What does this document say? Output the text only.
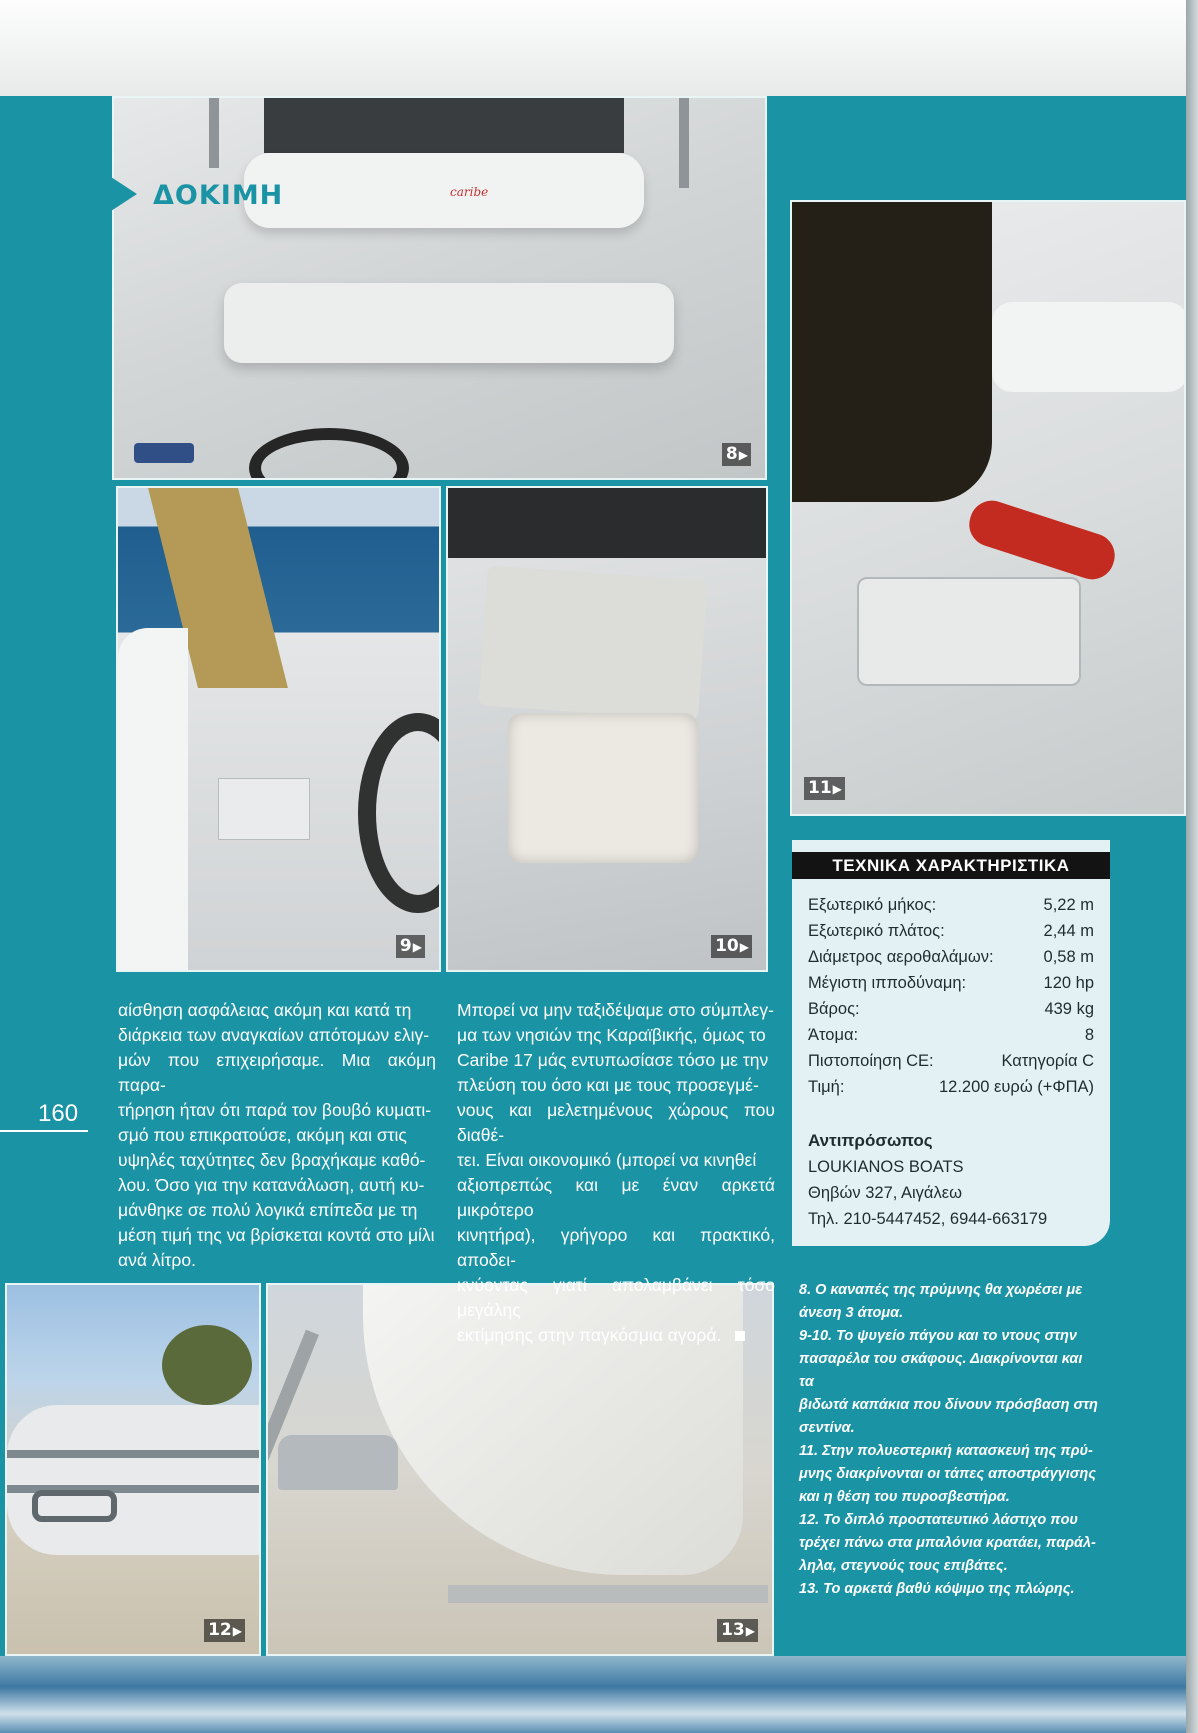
8 ▶
caribe
ΔΟΚΙΜΗ
9 ▶	10 ▶
11 ▶
12 ▶	13 ▶
αίσθηση ασφάλειας ακόμη και κατά τη
διάρκεια των αναγκαίων απότομων ελιγ-
μών που επιχειρήσαμε. Μια ακόμη παρα-
τήρηση ήταν ότι παρά τον βουβό κυματι-
σμό που επικρατούσε, ακόμη και στις
υψηλές ταχύτητες δεν βραχήκαμε καθό-
λου. Όσο για την κατανάλωση, αυτή κυ-
μάνθηκε σε πολύ λογικά επίπεδα με τη
μέση τιμή της να βρίσκεται κοντά στο μίλι
ανά λίτρο.
Μπορεί να μην ταξιδέψαμε στο σύμπλεγ-
μα των νησιών της Καραϊβικής, όμως το
Caribe 17 μάς εντυπωσίασε τόσο με την
πλεύση του όσο και με τους προσεγμέ-
νους και μελετημένους χώρους που διαθέ-
τει. Είναι οικονομικό (μπορεί να κινηθεί
αξιοπρεπώς και με έναν αρκετά μικρότερο
κινητήρα), γρήγορο και πρακτικό, αποδει-
κνύοντας γιατί απολαμβάνει τόσο μεγάλης
εκτίμησης στην παγκόσμια αγορά.
160
ΤΕΧΝΙΚΑ ΧΑΡΑΚΤΗΡΙΣΤΙΚΑ
Εξωτερικό μήκος:	5,22 m
Εξωτερικό πλάτος:	2,44 m
Διάμετρος αεροθαλάμων:	0,58 m
Μέγιστη ιπποδύναμη:	120 hp
Βάρος:	439 kg
Άτομα:	8
Πιστοποίηση CE:	Κατηγορία C
Τιμή:	12.200 ευρώ (+ΦΠΑ)
Αντιπρόσωπος
LOUKIANOS BOATS
Θηβών 327, Αιγάλεω
Τηλ. 210-5447452, 6944-663179
8. Ο καναπές της πρύμνης θα χωρέσει με
άνεση 3 άτομα.
9-10. Το ψυγείο πάγου και το ντους στην
πασαρέλα του σκάφους. Διακρίνονται και τα
βιδωτά καπάκια που δίνουν πρόσβαση στη
σεντίνα.
11. Στην πολυεστερική κατασκευή της πρύ-
μνης διακρίνονται οι τάπες αποστράγγισης
και η θέση του πυροσβεστήρα.
12. Το διπλό προστατευτικό λάστιχο που
τρέχει πάνω στα μπαλόνια κρατάει, παράλ-
ληλα, στεγνούς τους επιβάτες.
13. Το αρκετά βαθύ κόψιμο της πλώρης.
